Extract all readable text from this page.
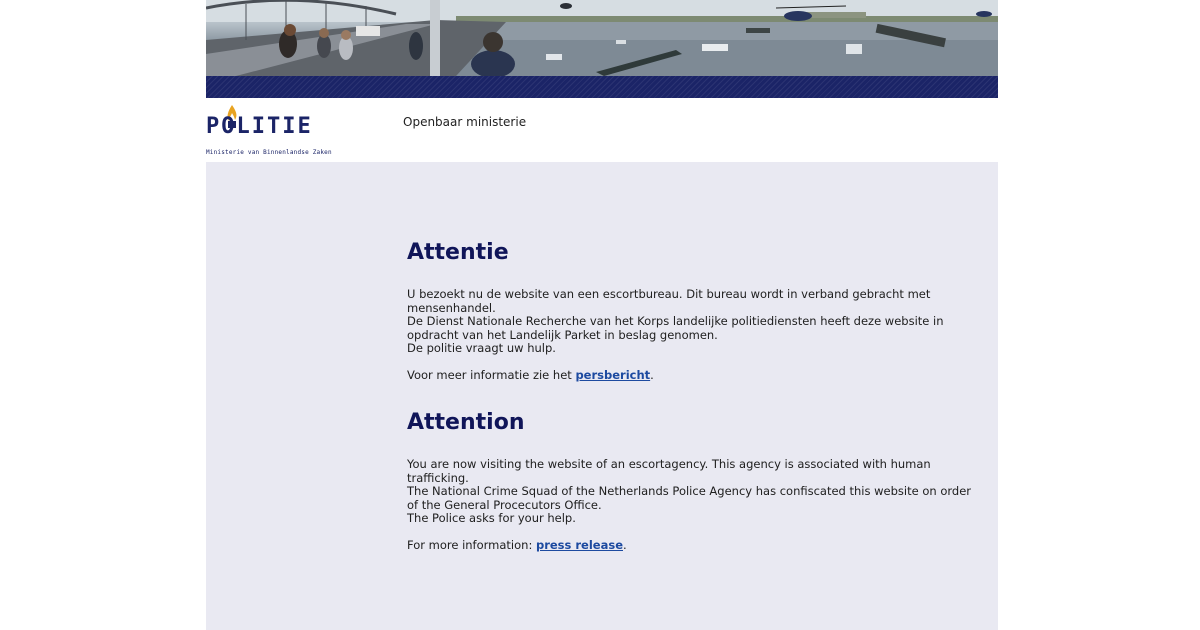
POLITIE
Ministerie van Binnenlandse Zaken
Openbaar ministerie
Attentie

U bezoekt nu de website van een escortbureau. Dit bureau wordt in verband gebracht met mensenhandel.
De Dienst Nationale Recherche van het Korps landelijke politiediensten heeft deze website in opdracht van het Landelijk Parket in beslag genomen.
De politie vraagt uw hulp.

Voor meer informatie zie het persbericht.

Attention

You are now visiting the website of an escortagency. This agency is associated with human trafficking.
The National Crime Squad of the Netherlands Police Agency has confiscated this website on order of the General Procecutors Office.
The Police asks for your help.

For more information: press release.
